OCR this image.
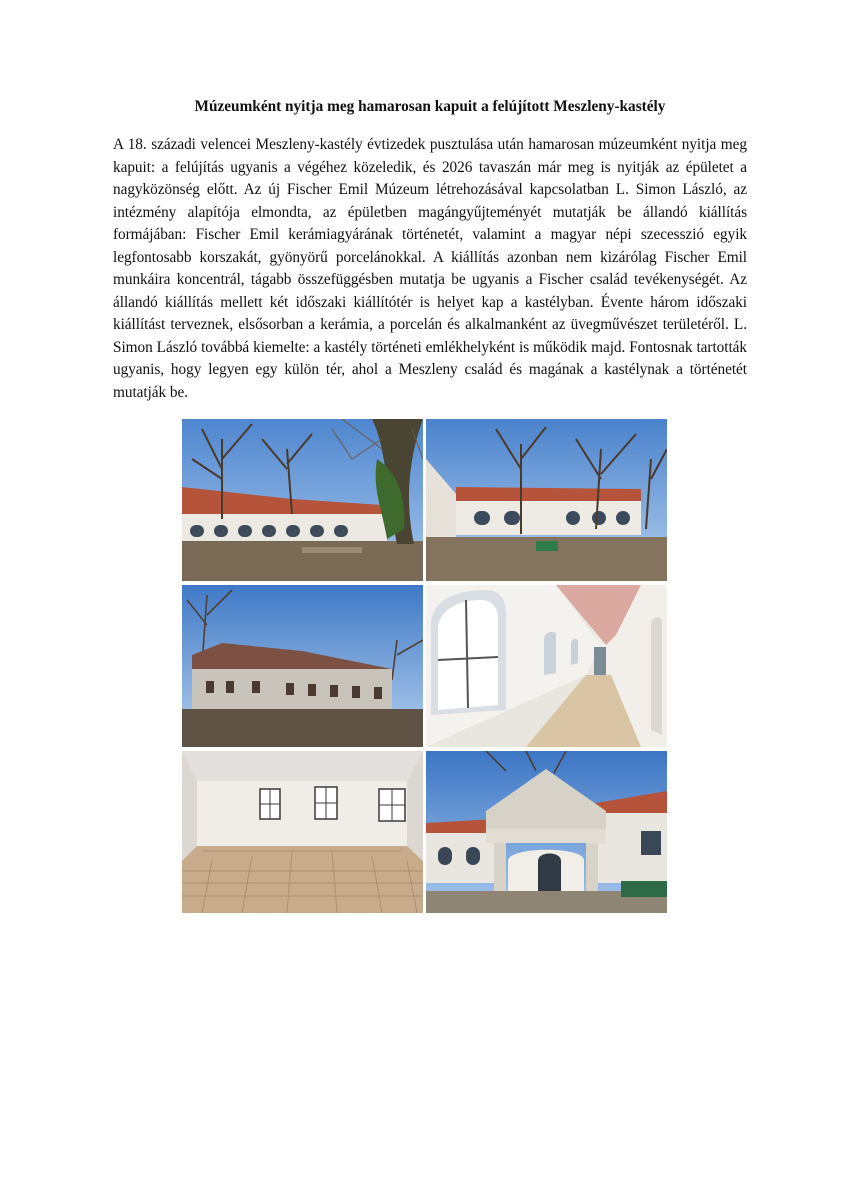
Múzeumként nyitja meg hamarosan kapuit a felújított Meszleny-kastély

A 18. századi velencei Meszleny-kastély évtizedek pusztulása után hamarosan múzeumként nyitja meg kapuit: a felújítás ugyanis a végéhez közeledik, és 2026 tavaszán már meg is nyitják az épületet a nagyközönség előtt. Az új Fischer Emil Múzeum létrehozásával kapcsolatban L. Simon László, az intézmény alapítója elmondta, az épületben magángyűjteményét mutatják be állandó kiállítás formájában: Fischer Emil kerámiagyárának történetét, valamint a magyar népi szecesszió egyik legfontosabb korszakát, gyönyörű porcelánokkal. A kiállítás azonban nem kizárólag Fischer Emil munkáira koncentrál, tágabb összefüggésben mutatja be ugyanis a Fischer család tevékenységét. Az állandó kiállítás mellett két időszaki kiállítótér is helyet kap a kastélyban. Évente három időszaki kiállítást terveznek, elsősorban a kerámia, a porcelán és alkalmanként az üvegművészet területéről. L. Simon László továbbá kiemelte: a kastély történeti emlékhelyként is működik majd. Fontosnak tartották ugyanis, hogy legyen egy külön tér, ahol a Meszleny család és magának a kastélynak a történetét mutatják be.
